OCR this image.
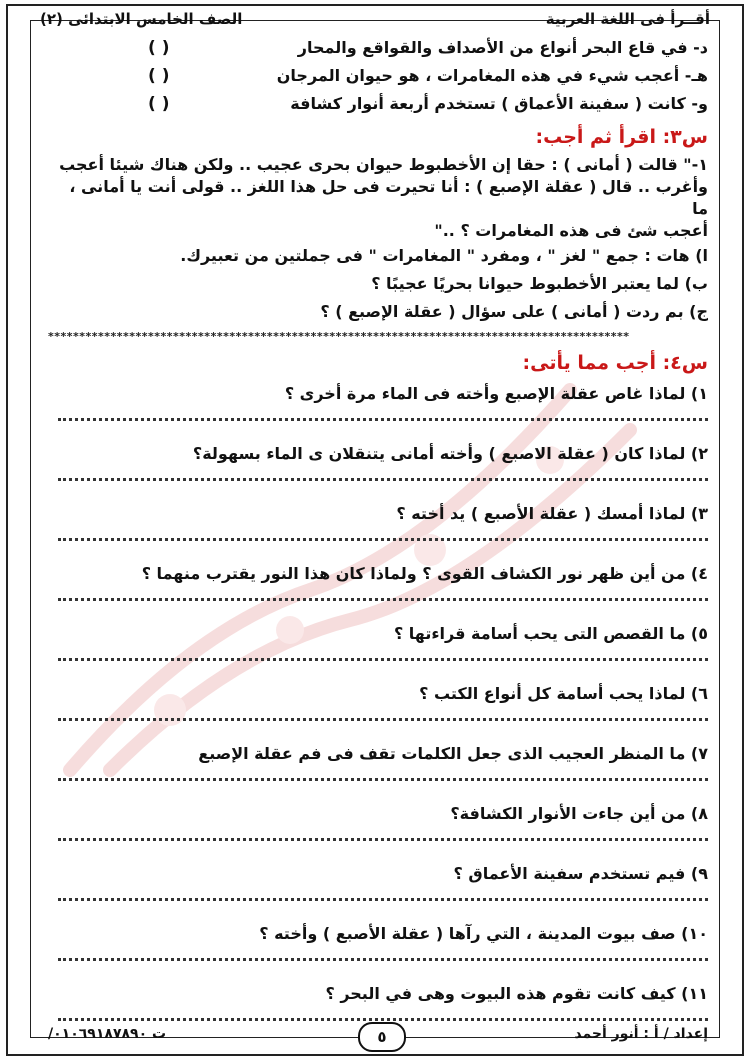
الصف الخامس الابتدائى (٢)	أقــرأ فى اللغة العربية
د- في قاع البحر أنواع من الأصداف والقواقع والمحار
( )
هـ- أعجب شيء في هذه المغامرات ، هو حيوان المرجان
( )
و- كانت ( سفينة الأعماق ) تستخدم أربعة أنوار كشافة
( )
س٣: اقرأ ثم أجب:
١-" قالت ( أمانى ) : حقا إن الأخطبوط حيوان بحرى عجيب .. ولكن هناك شيئا أعجب
وأغرب .. قال ( عقلة الإصبع ) : أنا تحيرت فى حل هذا اللغز .. قولى أنت يا أمانى ، ما
أعجب شئ فى هذه المغامرات ؟ .."
ا) هات : جمع " لغز " ، ومفرد " المغامرات " فى جملتين من تعبيرك.
ب) لما يعتبر الأخطبوط حيوانا بحريًا عجيبًا ؟
ج) بم ردت ( أمانى ) على سؤال ( عقلة الإصبع ) ؟
*********************************************************************************************
س٤: أجب مما يأتى:
١) لماذا غاص عقلة الإصبع وأخته فى الماء مرة أخرى ؟
٢) لماذا كان ( عقلة الاصبع ) وأخته أمانى يتنقلان ى الماء بسهولة؟
٣) لماذا أمسك ( عقلة الأصبع ) يد أخته ؟
٤) من أين ظهر نور الكشاف القوى ؟ ولماذا كان هذا النور يقترب منهما ؟
٥) ما القصص التى يحب أسامة قراءتها ؟
٦) لماذا يحب أسامة كل أنواع الكتب ؟
٧) ما المنظر العجيب الذى جعل الكلمات تقف فى فم عقلة الإصبع
٨) من أين جاءت الأنوار الكشافة؟
٩) فيم تستخدم سفينة الأعماق ؟
١٠) صف بيوت المدينة ، التي رآها ( عقلة الأصبع ) وأخته ؟
١١) كيف كانت تقوم هذه البيوت وهى في البحر ؟
إعداد / أ : أنور أحمد
٥
ت ٠١٠٦٩١٨٧٨٩٠/
